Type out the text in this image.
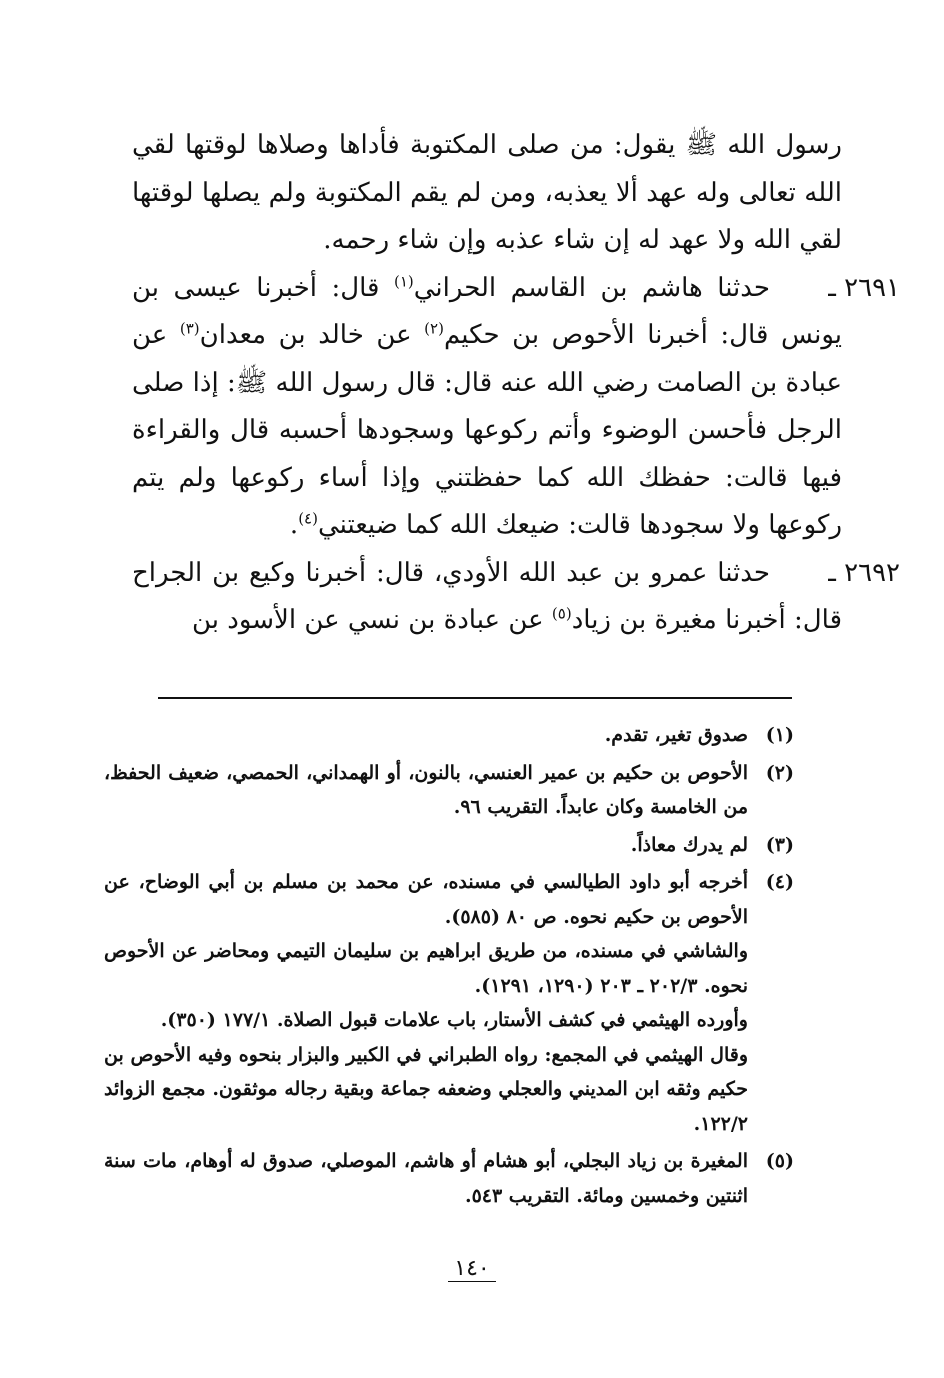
رسول الله ﷺ يقول: من صلى المكتوبة فأداها وصلاها لوقتها لقي الله تعالى وله عهد ألا يعذبه، ومن لم يقم المكتوبة ولم يصلها لوقتها لقي الله ولا عهد له إن شاء عذبه وإن شاء رحمه.

٢٦٩١ ـ

حدثنا هاشم بن القاسم الحراني$^{(١)}$ قال: أخبرنا عيسى بن يونس قال: أخبرنا الأحوص بن حكيم$^{(٢)}$ عن خالد بن معدان$^{(٣)}$ عن عبادة بن الصامت رضي الله عنه قال: قال رسول الله ﷺ: إذا صلى الرجل فأحسن الوضوء وأتم ركوعها وسجودها أحسبه قال والقراءة فيها قالت: حفظك الله كما حفظتني وإذا أساء ركوعها ولم يتم ركوعها ولا سجودها قالت: ضيعك الله كما ضيعتني$^{(٤)}$.

٢٦٩٢ ـ

حدثنا عمرو بن عبد الله الأودي، قال: أخبرنا وكيع بن الجراح قال: أخبرنا مغيرة بن زياد$^{(٥)}$ عن عبادة بن نسي عن الأسود بن

(١)

صدوق تغير، تقدم.

(٢)

الأحوص بن حكيم بن عمير العنسي، بالنون، أو الهمداني، الحمصي، ضعيف الحفظ، من الخامسة وكان عابداً. التقريب ٩٦.

(٣)

لم يدرك معاذاً.

(٤)

أخرجه أبو داود الطيالسي في مسنده، عن محمد بن مسلم بن أبي الوضاح، عن الأحوص بن حكيم نحوه. ص ٨٠ (٥٨٥).

والشاشي في مسنده، من طريق ابراهيم بن سليمان التيمي ومحاضر عن الأحوص نحوه. ٢٠٢/٣ ـ ٢٠٣ (١٢٩٠، ١٢٩١).

وأورده الهيثمي في كشف الأستار، باب علامات قبول الصلاة. ١٧٧/١ (٣٥٠).

وقال الهيثمي في المجمع: رواه الطبراني في الكبير والبزار بنحوه وفيه الأحوص بن حكيم وثقه ابن المديني والعجلي وضعفه جماعة وبقية رجاله موثقون. مجمع الزوائد ١٢٢/٢.

(٥)

المغيرة بن زياد البجلي، أبو هشام أو هاشم، الموصلي، صدوق له أوهام، مات سنة اثنتين وخمسين ومائة. التقريب ٥٤٣.

١٤٠
